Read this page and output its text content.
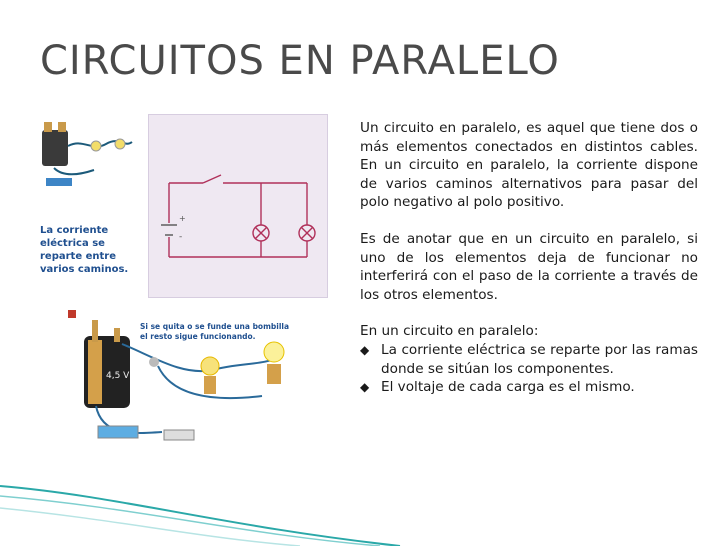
CIRCUITOS EN PARALELO
+
-
La corriente eléctrica se reparte entre varios caminos.
4,5 V
Si se quita o se funde una bombilla el resto sigue funcionando.

Un circuito en paralelo, es aquel que tiene dos o más elementos conectados en distintos cables. En un circuito en paralelo, la corriente dispone de varios caminos alternativos para pasar del polo negativo al polo positivo.

Es de anotar que en un circuito en paralelo, si uno de los elementos deja de funcionar no interferirá con el paso de la corriente a través de los otros elementos.

En un circuito en paralelo:
◆ La corriente eléctrica se reparte por las ramas donde se sitúan los componentes.
◆ El voltaje de cada carga es el mismo.
